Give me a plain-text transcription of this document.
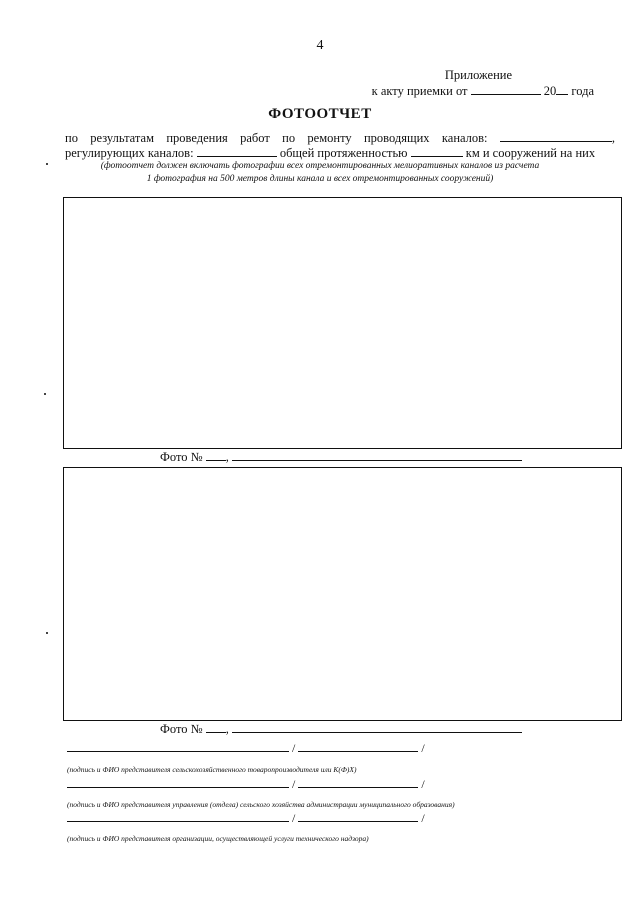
4
Приложение
к акту приемки от	20 года
ФОТООТЧЕТ
по результатам проведения работ по ремонту проводящих каналов:	,
регулирующих каналов:	общей протяженностью	км и сооружений на них
(фотоотчет должен включать фотографии всех отремонтированных мелиоративных каналов из расчета
1 фотография на 500 метров длины канала и всех отремонтированных сооружений)
Фото № ,
Фото № ,
/	/
(подпись и ФИО представителя сельскохозяйственного товаропроизводителя или К(Ф)Х)
/	/
(подпись и ФИО представителя управления (отдела) сельского хозяйства администрации муниципального образования)
/	/
(подпись и ФИО представителя организации, осуществляющей услуги технического надзора)
